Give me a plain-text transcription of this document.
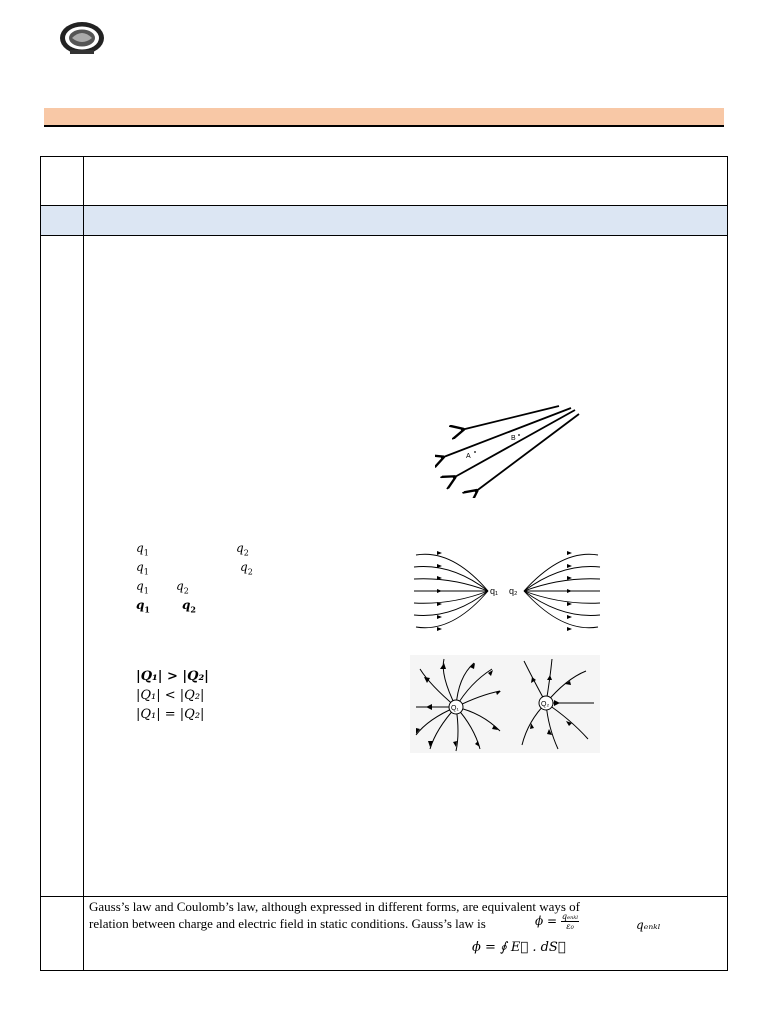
$q_1$	$q_2$
$q_1$	$q_2$
$q_1$ $q_2$
$q_1$	$q_2$
|Q₁| > |Q₂|
|Q₁| < |Q₂|
|Q₁| = |Q₂|
B
A
q₁ q₂
Q₁
Q₂
Gauss’s law and Coulomb’s law, although expressed in different forms, are equivalent ways of
relation between charge and electric field in static conditions. Gauss’s law is	$\phi = \frac{\text{qₑₙₖₗ}}{\text{ε₀}}$	qₑₙₖₗ
ϕ = ∮ E⃗ . dS⃗
